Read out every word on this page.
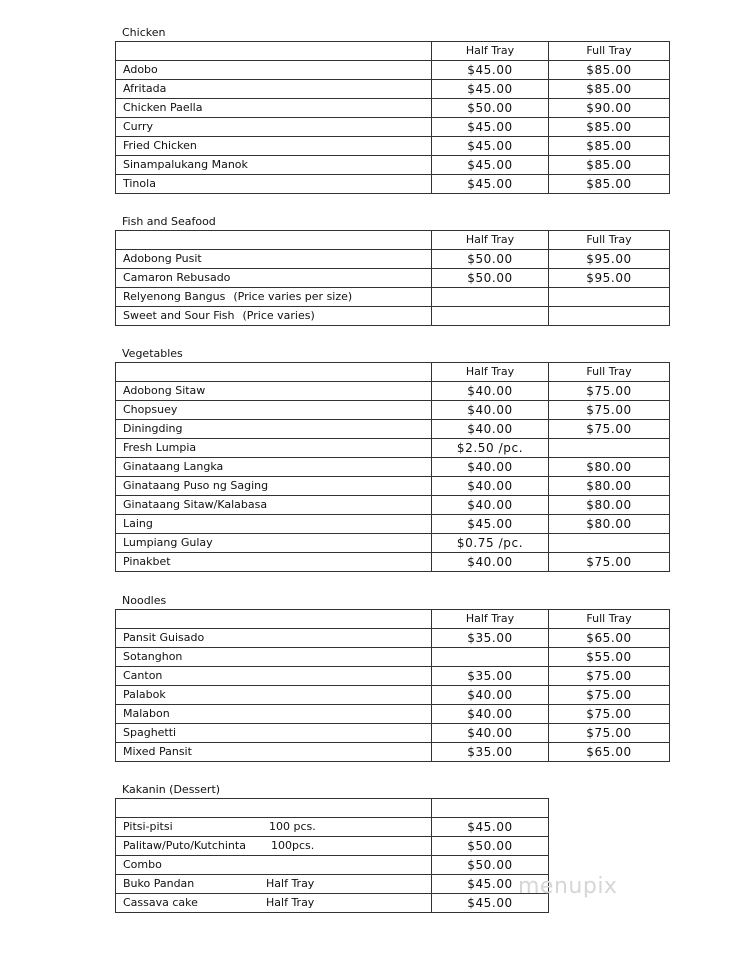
Chicken
	Half Tray	Full Tray
Adobo	$45.00	$85.00
Afritada	$45.00	$85.00
Chicken Paella	$50.00	$90.00
Curry	$45.00	$85.00
Fried Chicken	$45.00	$85.00
Sinampalukang Manok	$45.00	$85.00
Tinola	$45.00	$85.00
Fish and Seafood
	Half Tray	Full Tray
Adobong Pusit	$50.00	$95.00
Camaron Rebusado	$50.00	$95.00
Relyenong Bangus (Price varies per size)		
Sweet and Sour Fish (Price varies)		
Vegetables
	Half Tray	Full Tray
Adobong Sitaw	$40.00	$75.00
Chopsuey	$40.00	$75.00
Diningding	$40.00	$75.00
Fresh Lumpia	$2.50 /pc.	
Ginataang Langka	$40.00	$80.00
Ginataang Puso ng Saging	$40.00	$80.00
Ginataang Sitaw/Kalabasa	$40.00	$80.00
Laing	$45.00	$80.00
Lumpiang Gulay	$0.75 /pc.	
Pinakbet	$40.00	$75.00
Noodles
	Half Tray	Full Tray
Pansit Guisado	$35.00	$65.00
Sotanghon		$55.00
Canton	$35.00	$75.00
Palabok	$40.00	$75.00
Malabon	$40.00	$75.00
Spaghetti	$40.00	$75.00
Mixed Pansit	$35.00	$65.00
Kakanin (Dessert)

Pitsi-pitsi 100 pcs.	$45.00
Palitaw/Puto/Kutchinta 100pcs.	$50.00
Combo	$50.00
Buko Pandan Half Tray	$45.00
Cassava cake Half Tray	$45.00
menupix
